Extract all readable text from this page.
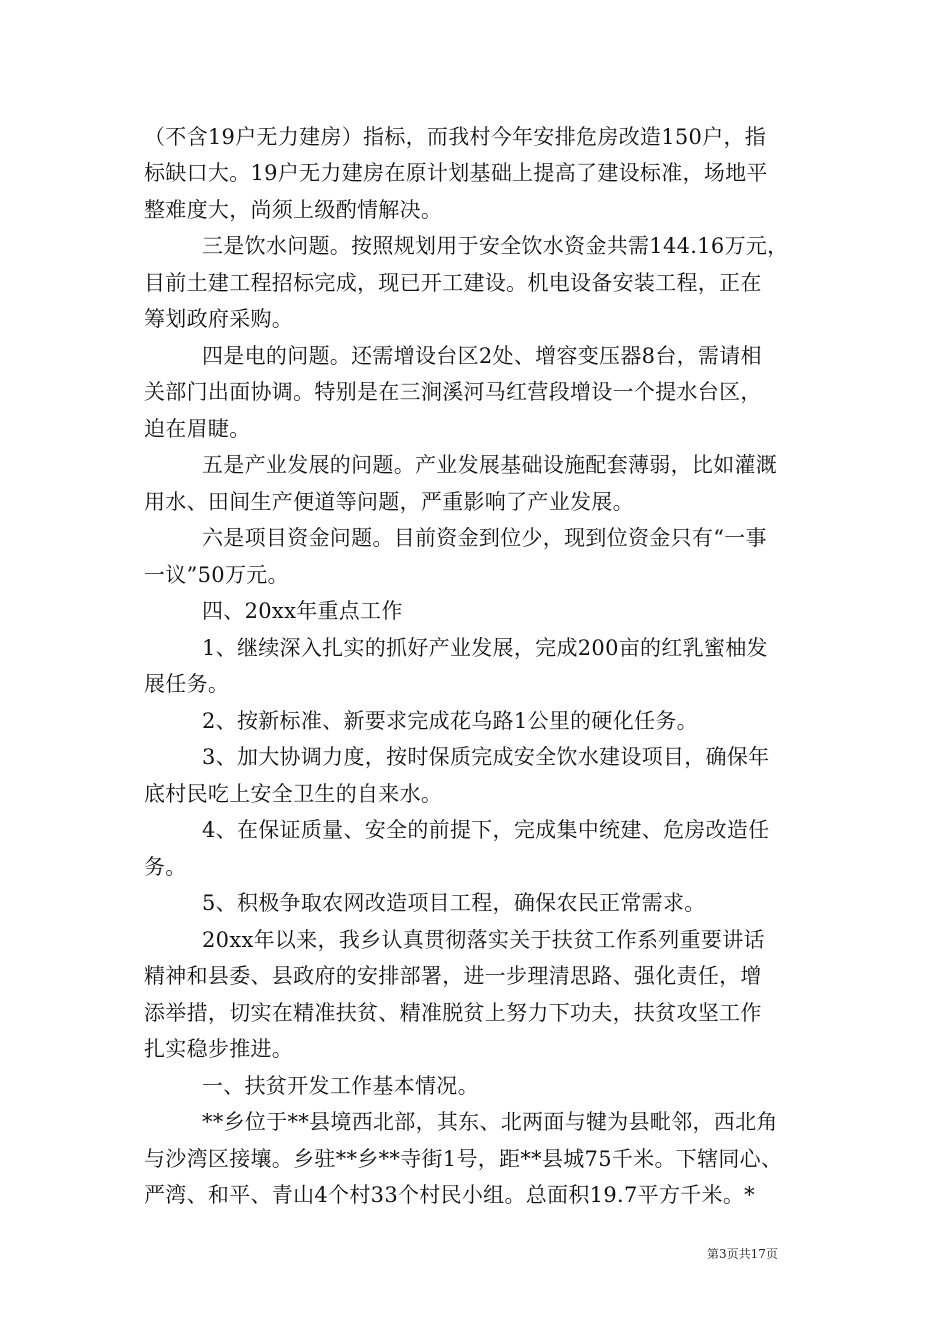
（不含19户无力建房）指标，而我村今年安排危房改造150户，指
标缺口大。19户无力建房在原计划基础上提高了建设标准，场地平
整难度大，尚须上级酌情解决。
三是饮水问题。按照规划用于安全饮水资金共需144.16万元，
目前土建工程招标完成，现已开工建设。机电设备安装工程，正在
筹划政府采购。
四是电的问题。还需增设台区2处、增容变压器8台，需请相
关部门出面协调。特别是在三涧溪河马红营段增设一个提水台区，
迫在眉睫。
五是产业发展的问题。产业发展基础设施配套薄弱，比如灌溉
用水、田间生产便道等问题，严重影响了产业发展。
六是项目资金问题。目前资金到位少，现到位资金只有“一事
一议”50万元。
四、20xx年重点工作
1、继续深入扎实的抓好产业发展，完成200亩的红乳蜜柚发
展任务。
2、按新标准、新要求完成花乌路1公里的硬化任务。
3、加大协调力度，按时保质完成安全饮水建设项目，确保年
底村民吃上安全卫生的自来水。
4、在保证质量、安全的前提下，完成集中统建、危房改造任
务。
5、积极争取农网改造项目工程，确保农民正常需求。
20xx年以来，我乡认真贯彻落实关于扶贫工作系列重要讲话
精神和县委、县政府的安排部署，进一步理清思路、强化责任，增
添举措，切实在精准扶贫、精准脱贫上努力下功夫，扶贫攻坚工作
扎实稳步推进。
一、扶贫开发工作基本情况。
**乡位于**县境西北部，其东、北两面与犍为县毗邻，西北角
与沙湾区接壤。乡驻**乡**寺街1号，距**县城75千米。下辖同心、
严湾、和平、青山4个村33个村民小组。总面积19.7平方千米。*
第3页共17页
